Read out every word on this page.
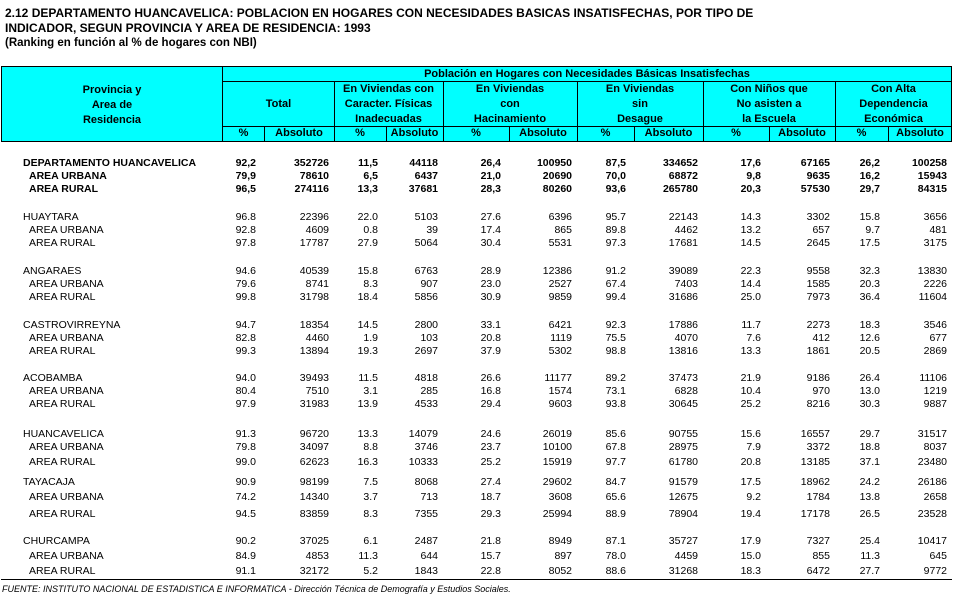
2.12 DEPARTAMENTO HUANCAVELICA: POBLACION EN HOGARES CON NECESIDADES BASICAS INSATISFECHAS, POR TIPO DE
INDICADOR, SEGUN PROVINCIA Y AREA DE RESIDENCIA: 1993
(Ranking en función al % de hogares con NBI)
Provincia y
Area de
Residencia
Población en Hogares con Necesidades Básicas Insatisfechas
Total
En Viviendas con
Caracter. Físicas
Inadecuadas
En Viviendas
con
Hacinamiento
En Viviendas
sin
Desague
Con Niños que
No asisten a
la Escuela
Con Alta
Dependencia
Económica
%	Absoluto	%	Absoluto	%	Absoluto	%	Absoluto	%	Absoluto	%	Absoluto
DEPARTAMENTO HUANCAVELICA	92,2	352726	11,5	44118	26,4	100950	87,5	334652	17,6	67165	26,2	100258
AREA URBANA	79,9	78610	6,5	6437	21,0	20690	70,0	68872	9,8	9635	16,2	15943
AREA RURAL	96,5	274116	13,3	37681	28,3	80260	93,6	265780	20,3	57530	29,7	84315
HUAYTARA	96.8	22396	22.0	5103	27.6	6396	95.7	22143	14.3	3302	15.8	3656
AREA URBANA	92.8	4609	0.8	39	17.4	865	89.8	4462	13.2	657	9.7	481
AREA RURAL	97.8	17787	27.9	5064	30.4	5531	97.3	17681	14.5	2645	17.5	3175
ANGARAES	94.6	40539	15.8	6763	28.9	12386	91.2	39089	22.3	9558	32.3	13830
AREA URBANA	79.6	8741	8.3	907	23.0	2527	67.4	7403	14.4	1585	20.3	2226
AREA RURAL	99.8	31798	18.4	5856	30.9	9859	99.4	31686	25.0	7973	36.4	11604
CASTROVIRREYNA	94.7	18354	14.5	2800	33.1	6421	92.3	17886	11.7	2273	18.3	3546
AREA URBANA	82.8	4460	1.9	103	20.8	1119	75.5	4070	7.6	412	12.6	677
AREA RURAL	99.3	13894	19.3	2697	37.9	5302	98.8	13816	13.3	1861	20.5	2869
ACOBAMBA	94.0	39493	11.5	4818	26.6	11177	89.2	37473	21.9	9186	26.4	11106
AREA URBANA	80.4	7510	3.1	285	16.8	1574	73.1	6828	10.4	970	13.0	1219
AREA RURAL	97.9	31983	13.9	4533	29.4	9603	93.8	30645	25.2	8216	30.3	9887
HUANCAVELICA	91.3	96720	13.3	14079	24.6	26019	85.6	90755	15.6	16557	29.7	31517
AREA URBANA	79.8	34097	8.8	3746	23.7	10100	67.8	28975	7.9	3372	18.8	8037
AREA RURAL	99.0	62623	16.3	10333	25.2	15919	97.7	61780	20.8	13185	37.1	23480
TAYACAJA	90.9	98199	7.5	8068	27.4	29602	84.7	91579	17.5	18962	24.2	26186
AREA URBANA	74.2	14340	3.7	713	18.7	3608	65.6	12675	9.2	1784	13.8	2658
AREA RURAL	94.5	83859	8.3	7355	29.3	25994	88.9	78904	19.4	17178	26.5	23528
CHURCAMPA	90.2	37025	6.1	2487	21.8	8949	87.1	35727	17.9	7327	25.4	10417
AREA URBANA	84.9	4853	11.3	644	15.7	897	78.0	4459	15.0	855	11.3	645
AREA RURAL	91.1	32172	5.2	1843	22.8	8052	88.6	31268	18.3	6472	27.7	9772
FUENTE: INSTITUTO NACIONAL DE ESTADISTICA E INFORMATICA - Dirección Técnica de Demografía y Estudios Sociales.
